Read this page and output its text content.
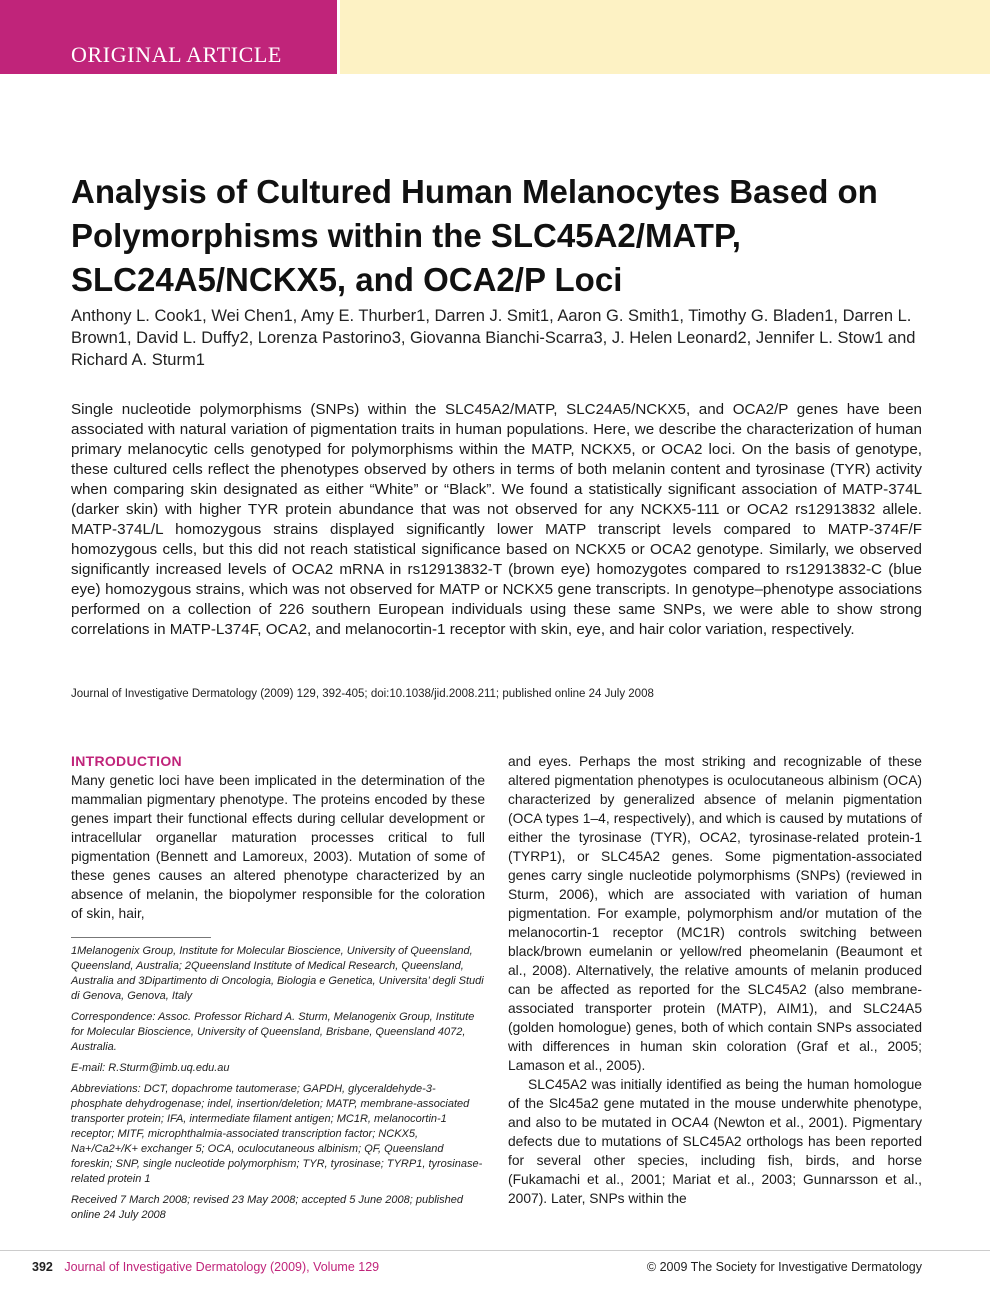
ORIGINAL ARTICLE
Analysis of Cultured Human Melanocytes Based on Polymorphisms within the SLC45A2/MATP, SLC24A5/NCKX5, and OCA2/P Loci

Anthony L. Cook1, Wei Chen1, Amy E. Thurber1, Darren J. Smit1, Aaron G. Smith1, Timothy G. Bladen1, Darren L. Brown1, David L. Duffy2, Lorenza Pastorino3, Giovanna Bianchi-Scarra3, J. Helen Leonard2, Jennifer L. Stow1 and Richard A. Sturm1

Single nucleotide polymorphisms (SNPs) within the SLC45A2/MATP, SLC24A5/NCKX5, and OCA2/P genes have been associated with natural variation of pigmentation traits in human populations. Here, we describe the characterization of human primary melanocytic cells genotyped for polymorphisms within the MATP, NCKX5, or OCA2 loci. On the basis of genotype, these cultured cells reflect the phenotypes observed by others in terms of both melanin content and tyrosinase (TYR) activity when comparing skin designated as either “White” or “Black”. We found a statistically significant association of MATP-374L (darker skin) with higher TYR protein abundance that was not observed for any NCKX5-111 or OCA2 rs12913832 allele. MATP-374L/L homozygous strains displayed significantly lower MATP transcript levels compared to MATP-374F/F homozygous cells, but this did not reach statistical significance based on NCKX5 or OCA2 genotype. Similarly, we observed significantly increased levels of OCA2 mRNA in rs12913832-T (brown eye) homozygotes compared to rs12913832-C (blue eye) homozygous strains, which was not observed for MATP or NCKX5 gene transcripts. In genotype–phenotype associations performed on a collection of 226 southern European individuals using these same SNPs, we were able to show strong correlations in MATP-L374F, OCA2, and melanocortin-1 receptor with skin, eye, and hair color variation, respectively.

Journal of Investigative Dermatology (2009) 129, 392-405; doi:10.1038/jid.2008.211; published online 24 July 2008

INTRODUCTION

Many genetic loci have been implicated in the determination of the mammalian pigmentary phenotype. The proteins encoded by these genes impart their functional effects during cellular development or intracellular organellar maturation processes critical to full pigmentation (Bennett and Lamoreux, 2003). Mutation of some of these genes causes an altered phenotype characterized by an absence of melanin, the biopolymer responsible for the coloration of skin, hair,

1Melanogenix Group, Institute for Molecular Bioscience, University of Queensland, Queensland, Australia; 2Queensland Institute of Medical Research, Queensland, Australia and 3Dipartimento di Oncologia, Biologia e Genetica, Universita’ degli Studi di Genova, Genova, Italy

Correspondence: Assoc. Professor Richard A. Sturm, Melanogenix Group, Institute for Molecular Bioscience, University of Queensland, Brisbane, Queensland 4072, Australia.

E-mail: R.Sturm@imb.uq.edu.au

Abbreviations: DCT, dopachrome tautomerase; GAPDH, glyceraldehyde-3-phosphate dehydrogenase; indel, insertion/deletion; MATP, membrane-associated transporter protein; IFA, intermediate filament antigen; MC1R, melanocortin-1 receptor; MITF, microphthalmia-associated transcription factor; NCKX5, Na+/Ca2+/K+ exchanger 5; OCA, oculocutaneous albinism; QF, Queensland foreskin; SNP, single nucleotide polymorphism; TYR, tyrosinase; TYRP1, tyrosinase-related protein 1

Received 7 March 2008; revised 23 May 2008; accepted 5 June 2008; published online 24 July 2008

and eyes. Perhaps the most striking and recognizable of these altered pigmentation phenotypes is oculocutaneous albinism (OCA) characterized by generalized absence of melanin pigmentation (OCA types 1–4, respectively), and which is caused by mutations of either the tyrosinase (TYR), OCA2, tyrosinase-related protein-1 (TYRP1), or SLC45A2 genes. Some pigmentation-associated genes carry single nucleotide polymorphisms (SNPs) (reviewed in Sturm, 2006), which are associated with variation of human pigmentation. For example, polymorphism and/or mutation of the melanocortin-1 receptor (MC1R) controls switching between black/brown eumelanin or yellow/red pheomelanin (Beaumont et al., 2008). Alternatively, the relative amounts of melanin produced can be affected as reported for the SLC45A2 (also membrane-associated transporter protein (MATP), AIM1), and SLC24A5 (golden homologue) genes, both of which contain SNPs associated with differences in human skin coloration (Graf et al., 2005; Lamason et al., 2005).

SLC45A2 was initially identified as being the human homologue of the Slc45a2 gene mutated in the mouse underwhite phenotype, and also to be mutated in OCA4 (Newton et al., 2001). Pigmentary defects due to mutations of SLC45A2 orthologs has been reported for several other species, including fish, birds, and horse (Fukamachi et al., 2001; Mariat et al., 2003; Gunnarsson et al., 2007). Later, SNPs within the

392 Journal of Investigative Dermatology (2009), Volume 129	© 2009 The Society for Investigative Dermatology
